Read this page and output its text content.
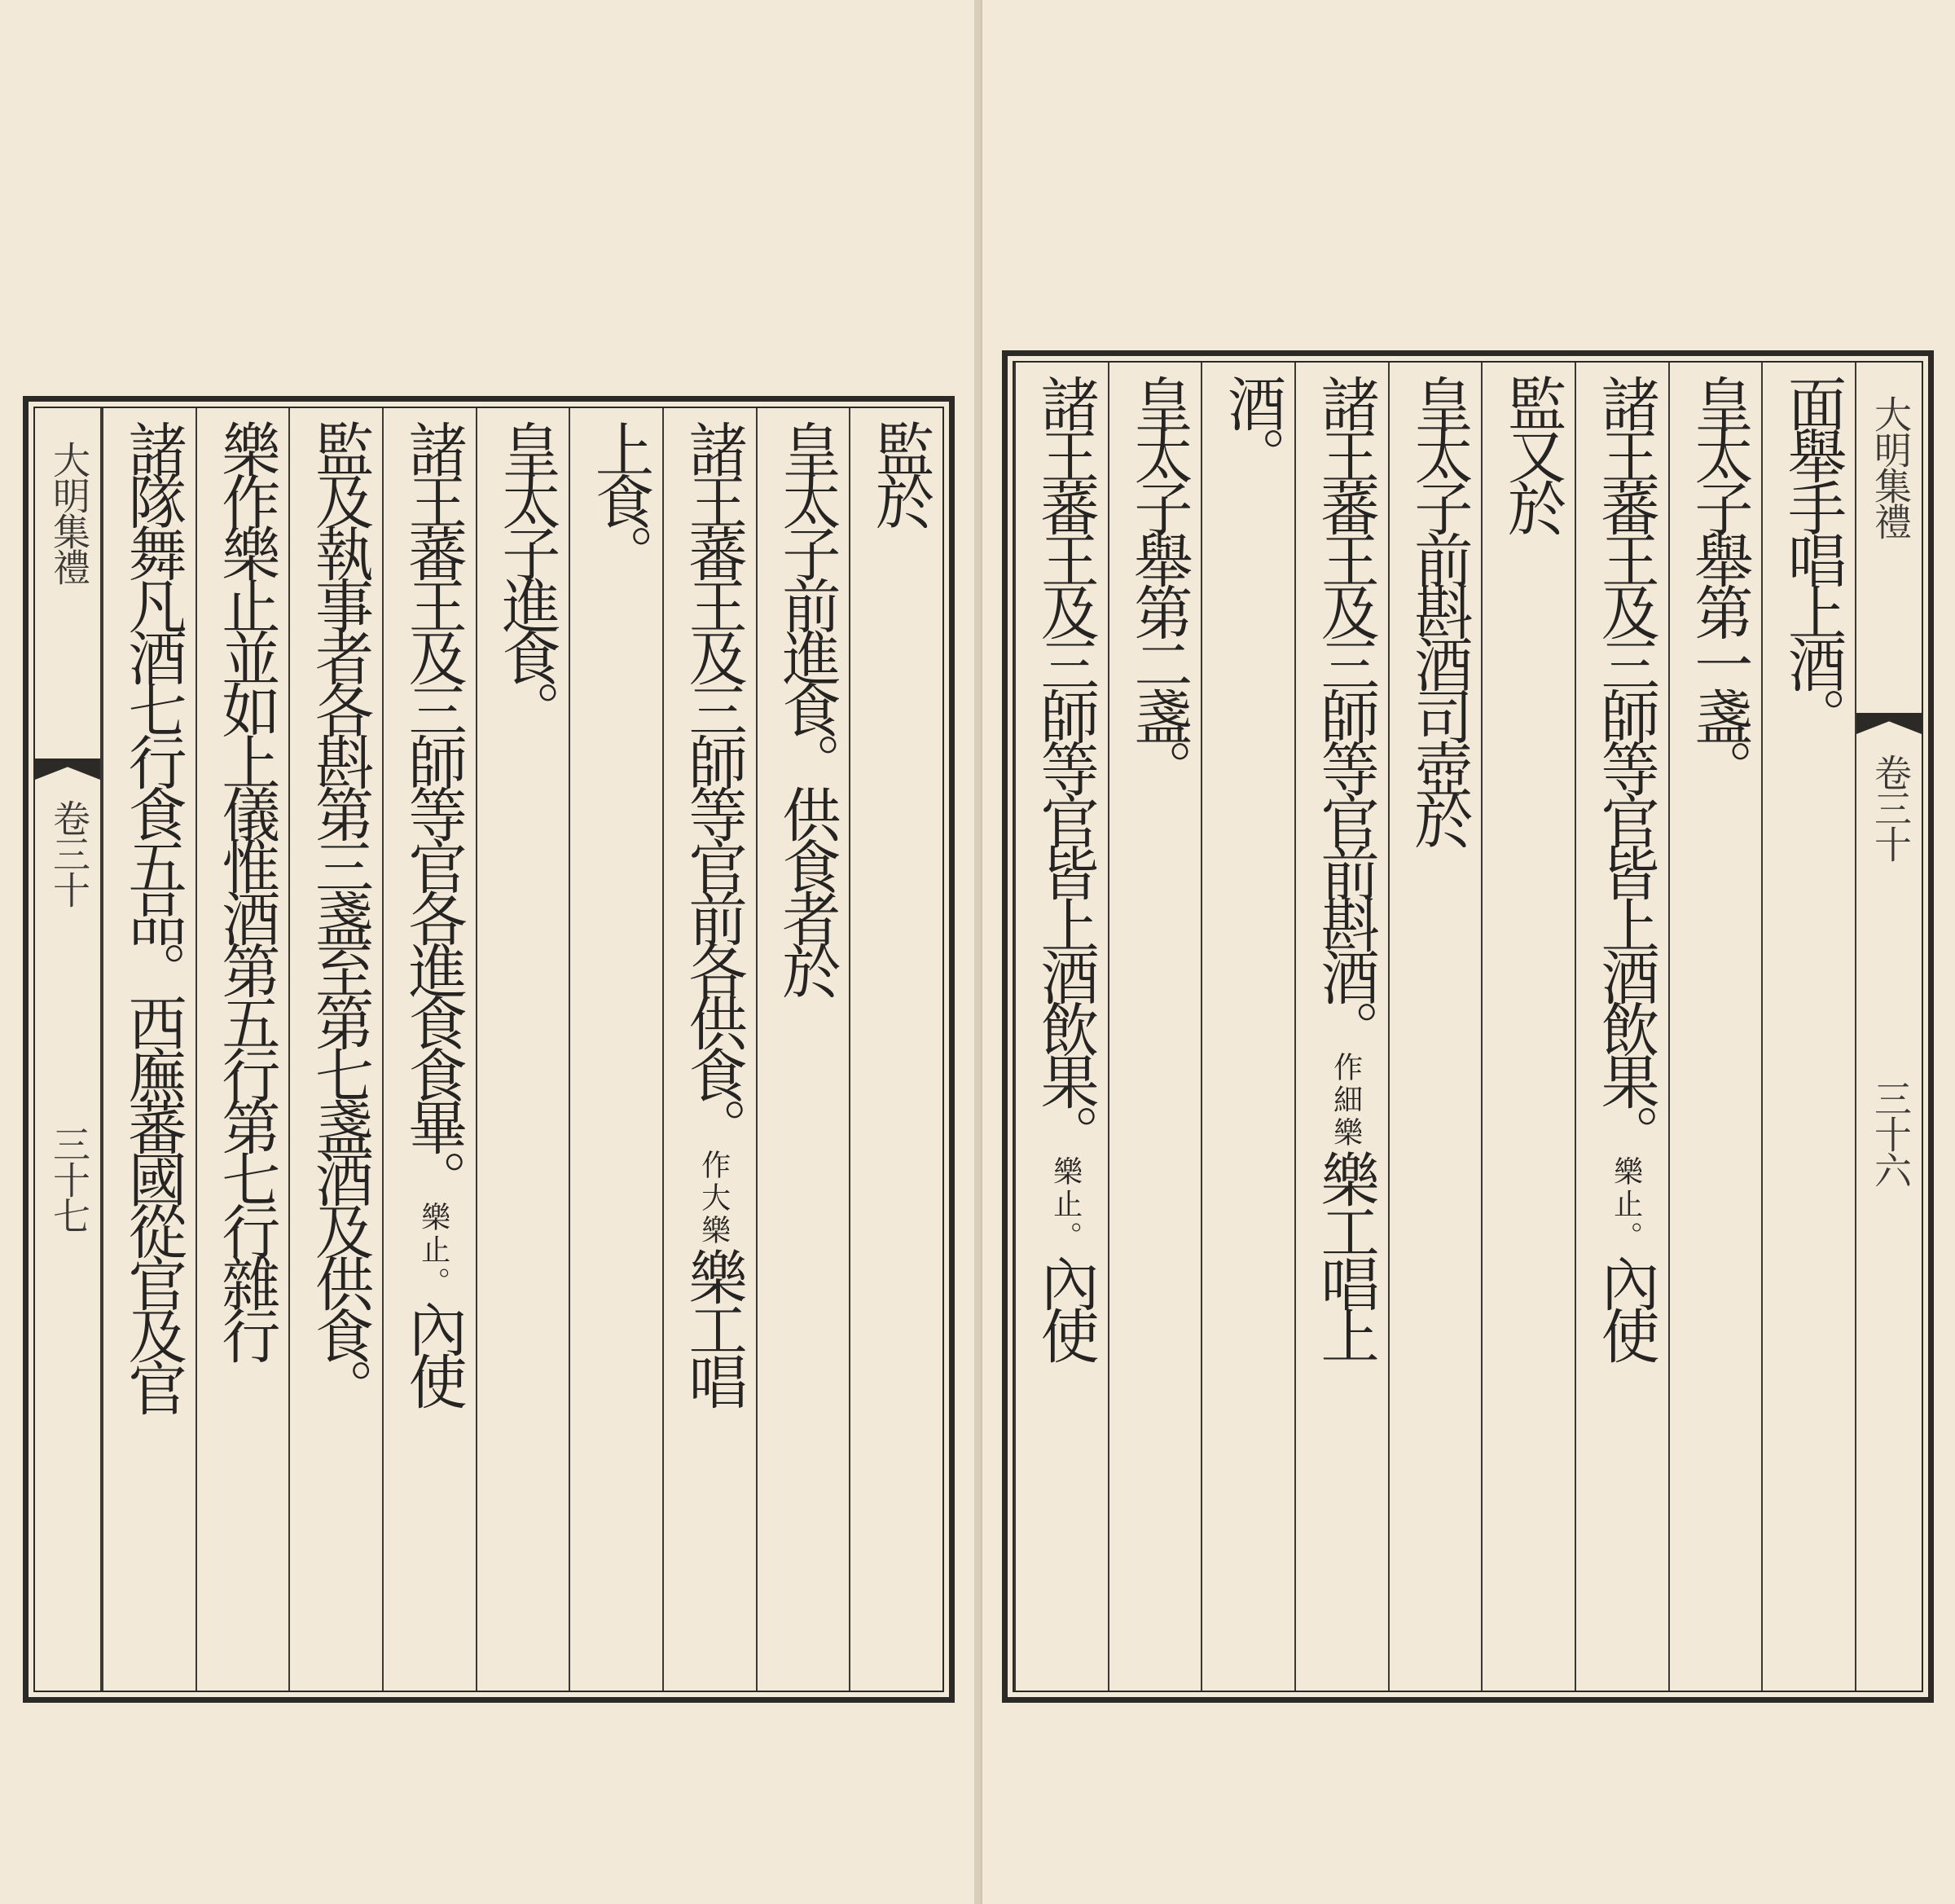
大明集禮
卷三十
三十七
監於
皇太子前進食。供食者於
諸王蕃王及三師等官前各供食。作大樂樂工唱
上食。
皇太子進食。
諸王蕃王及三師等官各進食食畢。樂止。內使
監及執事者各斟第三盞至第七盞酒及供食。
樂作樂止並如上儀惟酒第五行第七行雜行
諸隊舞凡酒七行食五品。西廡蕃國從官及官	大明集禮
卷三十
三十六
面舉手唱上酒。
皇太子舉第一盞。
諸王蕃王及三師等官皆上酒飲果。樂止。內使
監又於
皇太子前斟酒司壺於
諸王蕃王及三師等官前斟酒。作細樂樂工唱上
酒。
皇太子舉第二盞。
諸王蕃王及三師等官皆上酒飲果。樂止。內使
